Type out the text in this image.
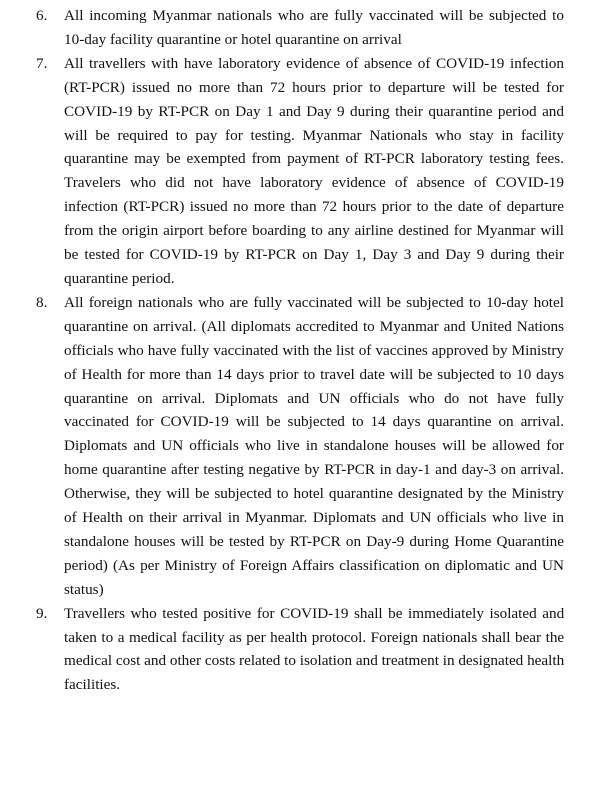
6.	All incoming Myanmar nationals who are fully vaccinated will be subjected to
10-day facility quarantine or hotel quarantine on arrival

7.	All travellers with have laboratory evidence of absence of COVID-19 infection
(RT-PCR) issued no more than 72 hours prior to departure will be tested for
COVID-19 by RT-PCR on Day 1 and Day 9 during their quarantine period and
will be required to pay for testing. Myanmar Nationals who stay in facility
quarantine may be exempted from payment of RT-PCR laboratory testing fees.
Travelers who did not have laboratory evidence of absence of COVID-19
infection (RT-PCR) issued no more than 72 hours prior to the date of departure
from the origin airport before boarding to any airline destined for Myanmar will
be tested for COVID-19 by RT-PCR on Day 1, Day 3 and Day 9 during their
quarantine period.

8.	All foreign nationals who are fully vaccinated will be subjected to 10-day hotel
quarantine on arrival. (All diplomats accredited to Myanmar and United Nations
officials who have fully vaccinated with the list of vaccines approved by Ministry
of Health for more than 14 days prior to travel date will be subjected to 10 days
quarantine on arrival. Diplomats and UN officials who do not have fully
vaccinated for COVID-19 will be subjected to 14 days quarantine on arrival.
Diplomats and UN officials who live in standalone houses will be allowed for
home quarantine after testing negative by RT-PCR in day-1 and day-3 on arrival.
Otherwise, they will be subjected to hotel quarantine designated by the Ministry
of Health on their arrival in Myanmar. Diplomats and UN officials who live in
standalone houses will be tested by RT-PCR on Day-9 during Home Quarantine
period) (As per Ministry of Foreign Affairs classification on diplomatic and UN
status)

9.	Travellers who tested positive for COVID-19 shall be immediately isolated and
taken to a medical facility as per health protocol. Foreign nationals shall bear the
medical cost and other costs related to isolation and treatment in designated health
facilities.
